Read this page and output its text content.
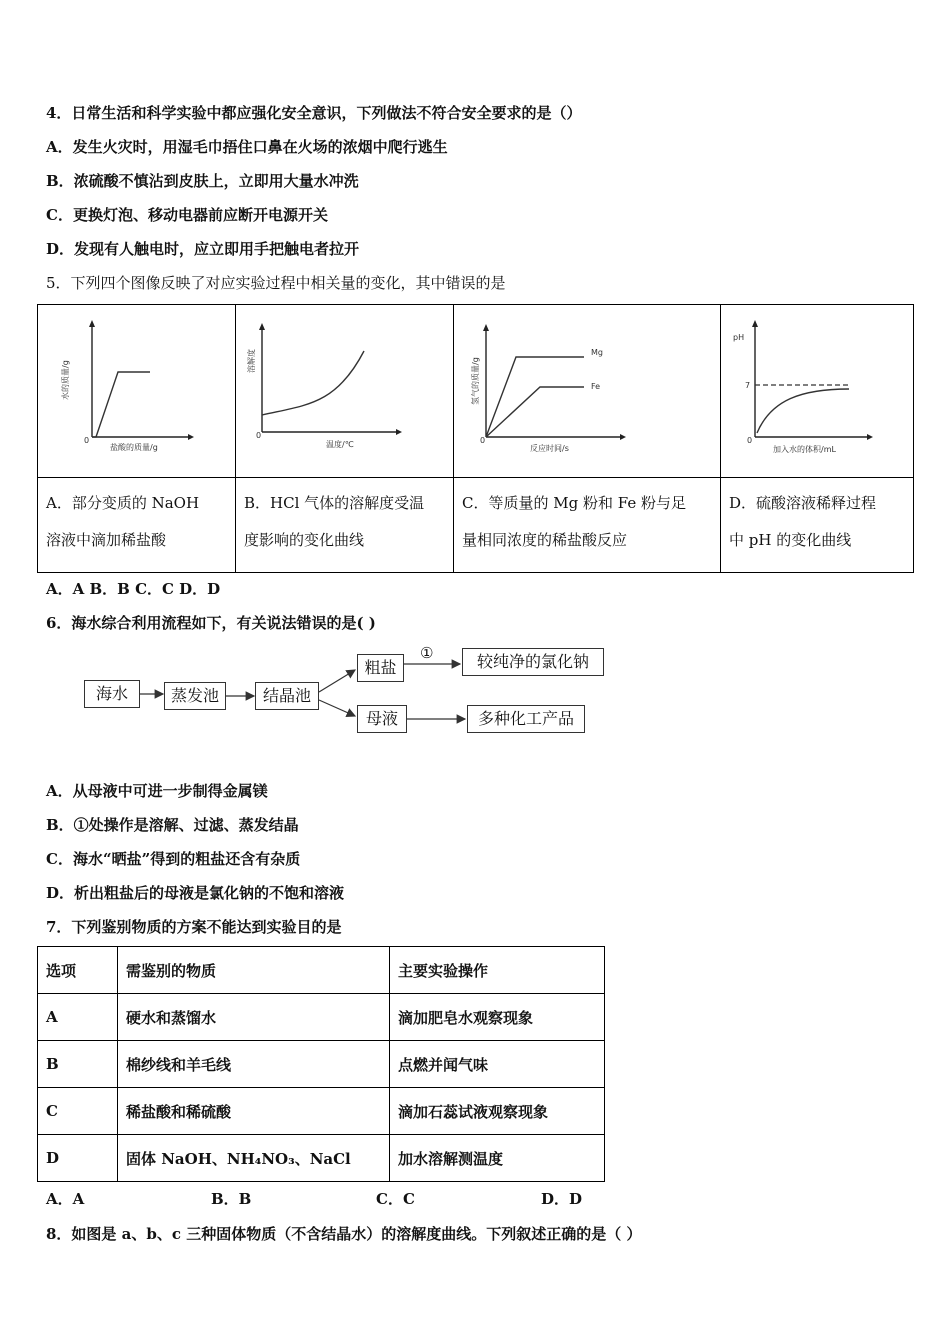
4．日常生活和科学实验中都应强化安全意识，下列做法不符合安全要求的是（）
A．发生火灾时，用湿毛巾捂住口鼻在火场的浓烟中爬行逃生
B．浓硫酸不慎沾到皮肤上，立即用大量水冲洗
C．更换灯泡、移动电器前应断开电源开关
D．发现有人触电时，应立即用手把触电者拉开
5．下列四个图像反映了对应实验过程中相关量的变化，其中错误的是
0
水的质量/g
盐酸的质量/g
A．部分变质的 NaOH
溶液中滴加稀盐酸
0
溶解度
温度/℃
B．HCl 气体的溶解度受温
度影响的变化曲线
0
Mg
Fe
氢气的质量/g
反应时间/s
C．等质量的 Mg 粉和 Fe 粉与足
量相同浓度的稀盐酸反应
0
pH
7
加入水的体积/mL
D．硫酸溶液稀释过程
中 pH 的变化曲线
A．A B．B C．C D．D
6．海水综合利用流程如下，有关说法错误的是( )
海水	蒸发池	结晶池
粗盐
母液
较纯净的氯化钠
多种化工产品
①
A．从母液中可进一步制得金属镁
B．①处操作是溶解、过滤、蒸发结晶
C．海水“晒盐”得到的粗盐还含有杂质
D．析出粗盐后的母液是氯化钠的不饱和溶液
7．下列鉴别物质的方案不能达到实验目的是
选项	需鉴别的物质	主要实验操作
A	硬水和蒸馏水	滴加肥皂水观察现象
B	棉纱线和羊毛线	点燃并闻气味
C	稀盐酸和稀硫酸	滴加石蕊试液观察现象
D	固体 NaOH、NH₄NO₃、NaCl	加水溶解测温度
A．A	B．B	C．C	D．D
8．如图是 a、b、c 三种固体物质（不含结晶水）的溶解度曲线。下列叙述正确的是（ ）
